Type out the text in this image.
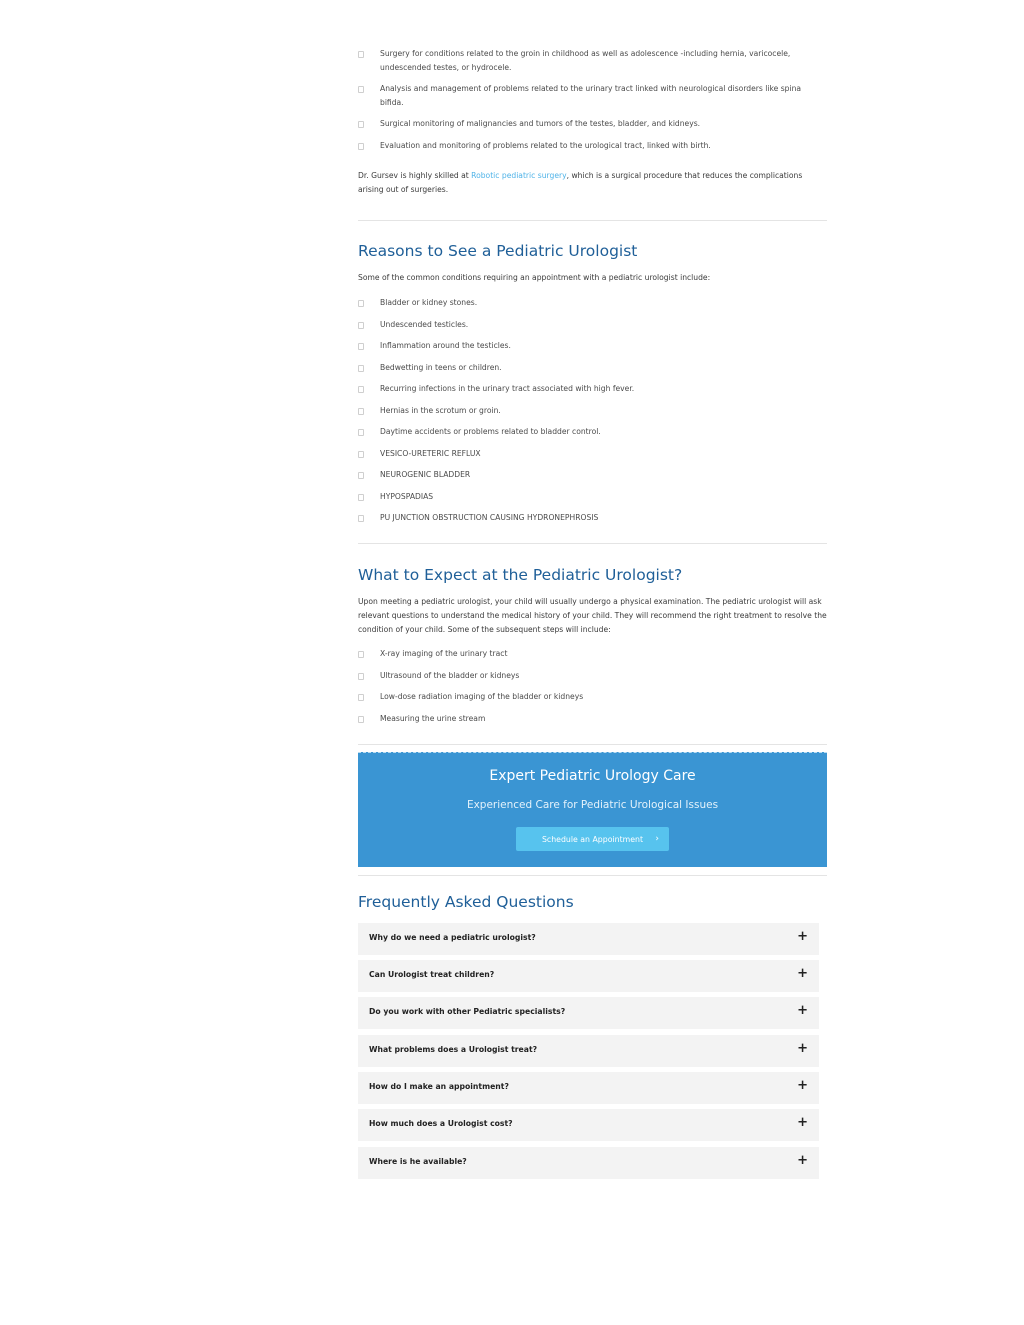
Surgery for conditions related to the groin in childhood as well as adolescence -including hernia, varicocele, undescended testes, or hydrocele.
Analysis and management of problems related to the urinary tract linked with neurological disorders like spina bifida.
Surgical monitoring of malignancies and tumors of the testes, bladder, and kidneys.
Evaluation and monitoring of problems related to the urological tract, linked with birth.

Dr. Gursev is highly skilled at Robotic pediatric surgery, which is a surgical procedure that reduces the complications arising out of surgeries.

Reasons to See a Pediatric Urologist

Some of the common conditions requiring an appointment with a pediatric urologist include:

Bladder or kidney stones.
Undescended testicles.
Inflammation around the testicles.
Bedwetting in teens or children.
Recurring infections in the urinary tract associated with high fever.
Hernias in the scrotum or groin.
Daytime accidents or problems related to bladder control.
VESICO-URETERIC REFLUX
NEUROGENIC BLADDER
HYPOSPADIAS
PU JUNCTION OBSTRUCTION CAUSING HYDRONEPHROSIS
What to Expect at the Pediatric Urologist?

Upon meeting a pediatric urologist, your child will usually undergo a physical examination. The pediatric urologist will ask relevant questions to understand the medical history of your child. They will recommend the right treatment to resolve the condition of your child. Some of the subsequent steps will include:

X-ray imaging of the urinary tract
Ultrasound of the bladder or kidneys
Low-dose radiation imaging of the bladder or kidneys
Measuring the urine stream
Expert Pediatric Urology Care
Experienced Care for Pediatric Urological Issues
Schedule an Appointment ›
Frequently Asked Questions
Why do we need a pediatric urologist?	+
Can Urologist treat children?	+
Do you work with other Pediatric specialists?	+
What problems does a Urologist treat?	+
How do I make an appointment?	+
How much does a Urologist cost?	+
Where is he available?	+
